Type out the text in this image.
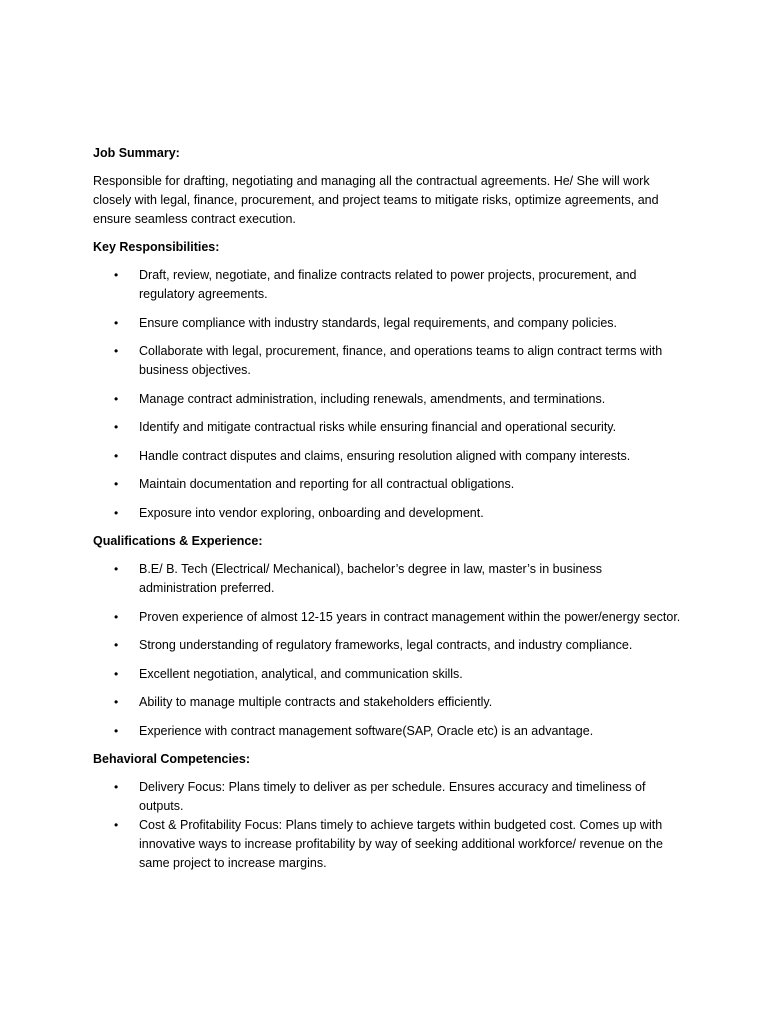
Job Summary:
Responsible for drafting, negotiating and managing all the contractual agreements. He/ She will work closely with legal, finance, procurement, and project teams to mitigate risks, optimize agreements, and ensure seamless contract execution.
Key Responsibilities:
• Draft, review, negotiate, and finalize contracts related to power projects, procurement, and regulatory agreements.
• Ensure compliance with industry standards, legal requirements, and company policies.
• Collaborate with legal, procurement, finance, and operations teams to align contract terms with business objectives.
• Manage contract administration, including renewals, amendments, and terminations.
• Identify and mitigate contractual risks while ensuring financial and operational security.
• Handle contract disputes and claims, ensuring resolution aligned with company interests.
• Maintain documentation and reporting for all contractual obligations.
• Exposure into vendor exploring, onboarding and development.
Qualifications & Experience:
• B.E/ B. Tech (Electrical/ Mechanical), bachelor’s degree in law, master’s in business administration preferred.
• Proven experience of almost 12-15 years in contract management within the power/energy sector.
• Strong understanding of regulatory frameworks, legal contracts, and industry compliance.
• Excellent negotiation, analytical, and communication skills.
• Ability to manage multiple contracts and stakeholders efficiently.
• Experience with contract management software(SAP, Oracle etc) is an advantage.
Behavioral Competencies:
• Delivery Focus: Plans timely to deliver as per schedule. Ensures accuracy and timeliness of outputs.
• Cost & Profitability Focus: Plans timely to achieve targets within budgeted cost. Comes up with innovative ways to increase profitability by way of seeking additional workforce/ revenue on the same project to increase margins.
